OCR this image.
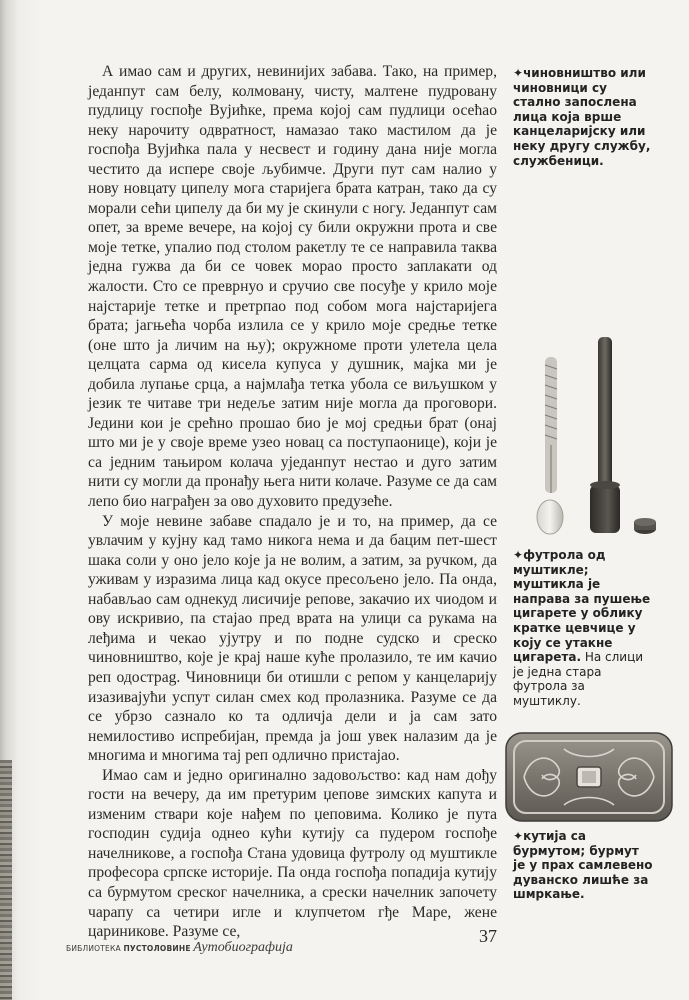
А имао сам и других, невинијих забава. Тако, на пример, једанпут сам белу, колмовану, чисту, малтене пудровану пудлицу госпође Вујићке, према којој сам пудлици осећао неку нарочиту одвратност, намазао тако мастилом да је госпођа Вујићка пала у несвест и годину дана није могла честито да испере своје љубимче. Други пут сам налио у нову новцату ципелу мога старијега брата катран, тако да су морали сећи ципелу да би му је скинули с ногу. Једанпут сам опет, за време вечере, на којој су били окружни прота и све моје тетке, упалио под столом ракетлу те се направила таква једна гужва да би се човек морао просто заплакати од жалости. Сто се преврнуо и сручио све посуђе у крило моје најстарије тетке и претрпао под собом мога најстаријега брата; јагњећа чорба излила се у крило моје средње тетке (оне што ја личим на њу); окружноме проти улетела цела целцата сарма од кисела купуса у душник, мајка ми је добила лупање срца, а најмлађа тетка убола се виљушком у језик те читаве три недеље затим није могла да проговори. Једини кои је срећно прошао био је мој средњи брат (онај што ми је у своје време узео новац са поступаонице), који је са једним тањиром колача уједанпут нестао и дуго затим нити су могли да пронађу њега нити колаче. Разуме се да сам лепо био награђен за ово духовито предузеће.

У моје невине забаве спадало је и то, на пример, да се увлачим у кујну кад тамо никога нема и да бацим пет-шест шака соли у оно јело које ја не волим, а затим, за ручком, да уживам у изразима лица кад окусе пресољено јело. Па онда, набављао сам однекуд лисичије репове, закачио их чиодом и ову искривио, па стајао пред врата на улици са рукама на леђима и чекао ујутру и по подне судско и среско чиновништво, које је крај наше куће пролазило, те им качио реп одострag. Чиновници би отишли с репом у канцеларију изазивајући успут силан смех код пролазника. Разуме се да се убрзо сазнало ко та одличја дели и ја сам зато немилостиво испребијан, премда ја још увек налазим да је многима и многима тај реп одлично пристајао.

Имао сам и једно оригинално задовољство: кад нам дођу гости на вечеру, да им претурим џепове зимских капута и изменим ствари које нађем по џеповима. Колико је пута господин судија однео кући кутију са пудером госпође начелникове, а госпођа Стана удовица футролу од муштикле професора српске историје. Па онда госпођа попадија кутију са бурмутом среског начелника, а срески начелник започету чарапу са четири игле и клупчетом гђе Маре, жене цариникове. Разуме се,

✦чиновништво или чиновници су стално запослена лица која врше канцеларијску или неку другу службу, службеници.
✦футрола од муштикле; муштикла је направа за пушење цигарете у облику кратке цевчице у коју се утакне цигарета. На слици је једна стара футрола за муштиклу.
✦кутија са бурмутом; бурмут је у прах самлевено дуванско лишће за шмркање.
БИБЛИОТЕКА ПУСТОЛОВИНЕ Аутобиографија
37
